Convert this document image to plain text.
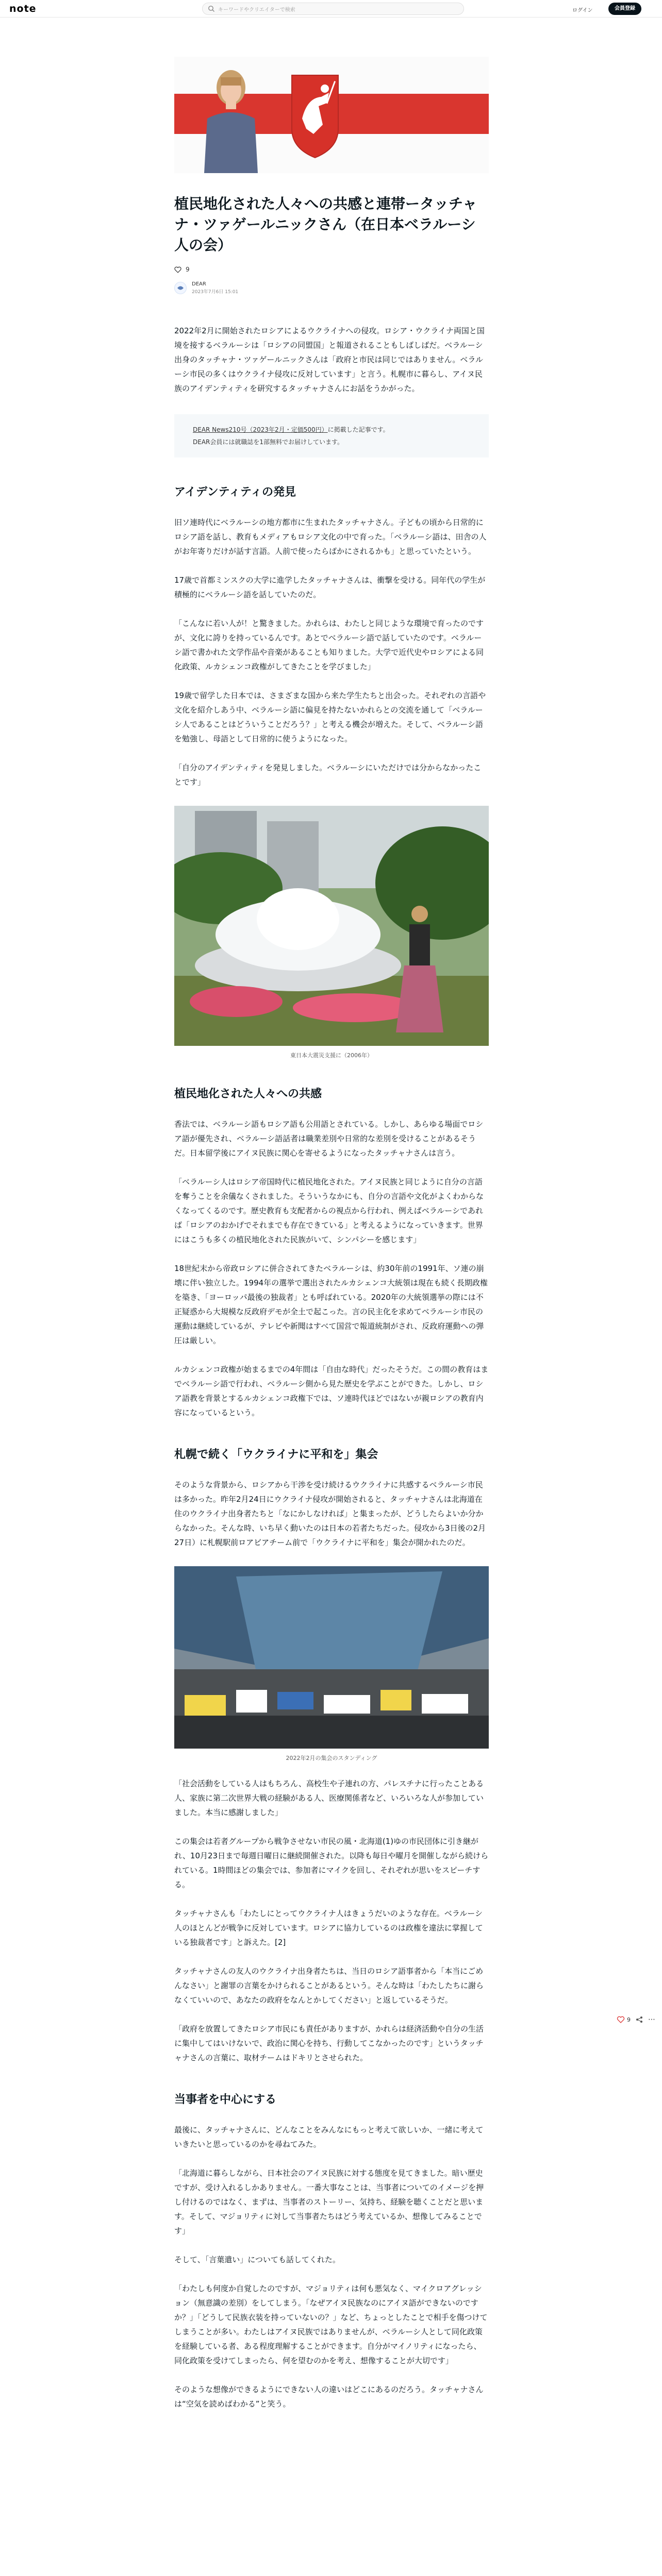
note	キーワードやクリエイターで検索	ログイン	会員登録
植民地化された人々への共感と連帯ータッチャナ・ツァゲールニックさん（在日本ベラルーシ人の会）
9
DEAR
2023年7月6日 15:01

2022年2月に開始されたロシアによるウクライナへの侵攻。ロシア・ウクライナ両国と国境を接するベラルーシは「ロシアの同盟国」と報道されることもしばしばだ。ベラルーシ出身のタッチャナ・ツァゲールニックさんは「政府と市民は同じではありません。ベラルーシ市民の多くはウクライナ侵攻に反対しています」と言う。札幌市に暮らし、アイヌ民族のアイデンティティを研究するタッチャナさんにお話をうかがった。

DEAR News210号（2023年2月・定価500円）に掲載した記事です。
DEAR会員には就職誌を1部無料でお届けしています。
アイデンティティの発見

旧ソ連時代にベラルーシの地方都市に生まれたタッチャナさん。子どもの頃から日常的にロシア語を話し、教育もメディアもロシア文化の中で育った。「ベラルーシ語は、田舎の人がお年寄りだけが話す言語。人前で使ったらばかにされるかも」と思っていたという。

17歳で首都ミンスクの大学に進学したタッチャナさんは、衝撃を受ける。同年代の学生が積極的にベラルーシ語を話していたのだ。

「こんなに若い人が！と驚きました。かれらは、わたしと同じような環境で育ったのですが、文化に誇りを持っているんです。あとでベラルーシ語で話していたのです。ベラルーシ語で書かれた文学作品や音楽があることも知りました。大学で近代史やロシアによる同化政策、ルカシェンコ政権がしてきたことを学びました」

19歳で留学した日本では、さまざまな国から来た学生たちと出会った。それぞれの言語や文化を紹介しあう中、ベラルーシ語に偏見を持たないかれらとの交流を通して「ベラルーシ人であることはどういうことだろう？」と考える機会が増えた。そして、ベラルーシ語を勉強し、母語として日常的に使うようになった。

「自分のアイデンティティを発見しました。ベラルーシにいただけでは分からなかったことです」

東日本大震災支援に（2006年）
植民地化された人々への共感

香法では、ベラルーシ語もロシア語も公用語とされている。しかし、あらゆる場面でロシア語が優先され、ベラルーシ語話者は職業差別や日常的な差別を受けることがあるそうだ。日本留学後にアイヌ民族に関心を寄せるようになったタッチャナさんは言う。

「ベラルーシ人はロシア帝国時代に植民地化された。アイヌ民族と同じように自分の言語を奪うことを余儀なくされました。そういうなかにも、自分の言語や文化がよくわからなくなってくるのです。歴史教育も支配者からの視点から行われ、例えばベラルーシであれば「ロシアのおかげでそれまでも存在できている」と考えるようになっていきます。世界にはこうも多くの植民地化された民族がいて、シンパシーを感じます」

18世紀末から帝政ロシアに併合されてきたベラルーシは、約30年前の1991年、ソ連の崩壊に伴い独立した。1994年の選挙で選出されたルカシェンコ大統領は現在も続く長期政権を築き、「ヨーロッパ最後の独裁者」とも呼ばれている。2020年の大統領選挙の際には不正疑惑から大規模な反政府デモが全土で起こった。言の民主化を求めてベラルーシ市民の運動は継続しているが、テレビや新聞はすべて国営で報道統制がされ、反政府運動への弾圧は厳しい。

ルカシェンコ政権が始まるまでの4年間は「自由な時代」だったそうだ。この間の教育はまでベラルーシ語で行われ、ベラルーシ側から見た歴史を学ぶことができた。しかし、ロシア語教を背景とするルカシェンコ政権下では、ソ連時代ほどではないが親ロシアの教育内容になっているという。

札幌で続く「ウクライナに平和を」集会

そのような背景から、ロシアから干渉を受け続けるウクライナに共感するベラルーシ市民は多かった。昨年2月24日にウクライナ侵攻が開始されると、タッチャナさんは北海道在住のウクライナ出身者たちと「なにかしなければ」と集まったが、どうしたらよいか分からなかった。そんな時、いち早く動いたのは日本の若者たちだった。侵攻から3日後の2月27日）に札幌駅前ロアビアチーム前で「ウクライナに平和を」集会が開かれたのだ。

2022年2月の集会のスタンディング

「社会活動をしている人はもちろん、高校生や子連れの方、パレスチナに行ったことある人、家族に第二次世界大戦の経験がある人、医療関係者など、いろいろな人が参加していました。本当に感謝しました」

この集会は若者グループから戦争させない市民の風・北海道(1)ゆの市民団体に引き継がれ、10月23日まで毎週日曜日に継続開催された。以降も毎日や曜月を開催しながら続けられている。1時間ほどの集会では、参加者にマイクを回し、それぞれが思いをスピーチする。

タッチャナさんも「わたしにとってウクライナ人はきょうだいのような存在。ベラルーシ人のほとんどが戦争に反対しています。ロシアに協力しているのは政権を違法に掌握している独裁者です」と訴えた。[2]

タッチャナさんの友人のウクライナ出身者たちは、当日のロシア語事者から「本当にごめんなさい」と謝罪の言葉をかけられることがあるという。そんな時は「わたしたちに謝らなくていいので、あなたの政府をなんとかしてください」と返しているそうだ。

「政府を放置してきたロシア市民にも責任がありますが、かれらは経済活動や自分の生活に集中してはいけないで、政治に関心を持ち、行動してこなかったのです」というタッチャナさんの言葉に、取材チームはドキリとさせられた。

当事者を中心にする

最後に、タッチャナさんに、どんなことをみんなにもっと考えて欲しいか、一緒に考えていきたいと思っているのかを尋ねてみた。

「北海道に暮らしながら、日本社会のアイヌ民族に対する態度を見てきました。暗い歴史ですが、受け入れるしかありません。一番大事なことは、当事者についてのイメージを押し付けるのではなく、まずは、当事者のストーリー、気持ち、経験を聴くことだと思います。そして、マジョリティに対して当事者たちはどう考えているか、想像してみることです」

そして、「言葉遣い」についても話してくれた。

「わたしも何度か自覚したのですが、マジョリティは何も悪気なく、マイクロアグレッション（無意識の差別）をしてしまう。「なぜアイヌ民族なのにアイヌ語ができないのですか？」「どうして民族衣装を持っていないの？」など、ちょっとしたことで相手を傷つけてしまうことが多い。わたしはアイヌ民族ではありませんが、ベラルーシ人として同化政策を経験している者、ある程度理解することができます。自分がマイノリティになったら、同化政策を受けてしまったら、何を望むのかを考え、想像することが大切です」

そのような想像ができるようにできない人の違いはどこにあるのだろう。タッチャナさんは“空気を読めばわかる”と笑う。

9 ⋯
